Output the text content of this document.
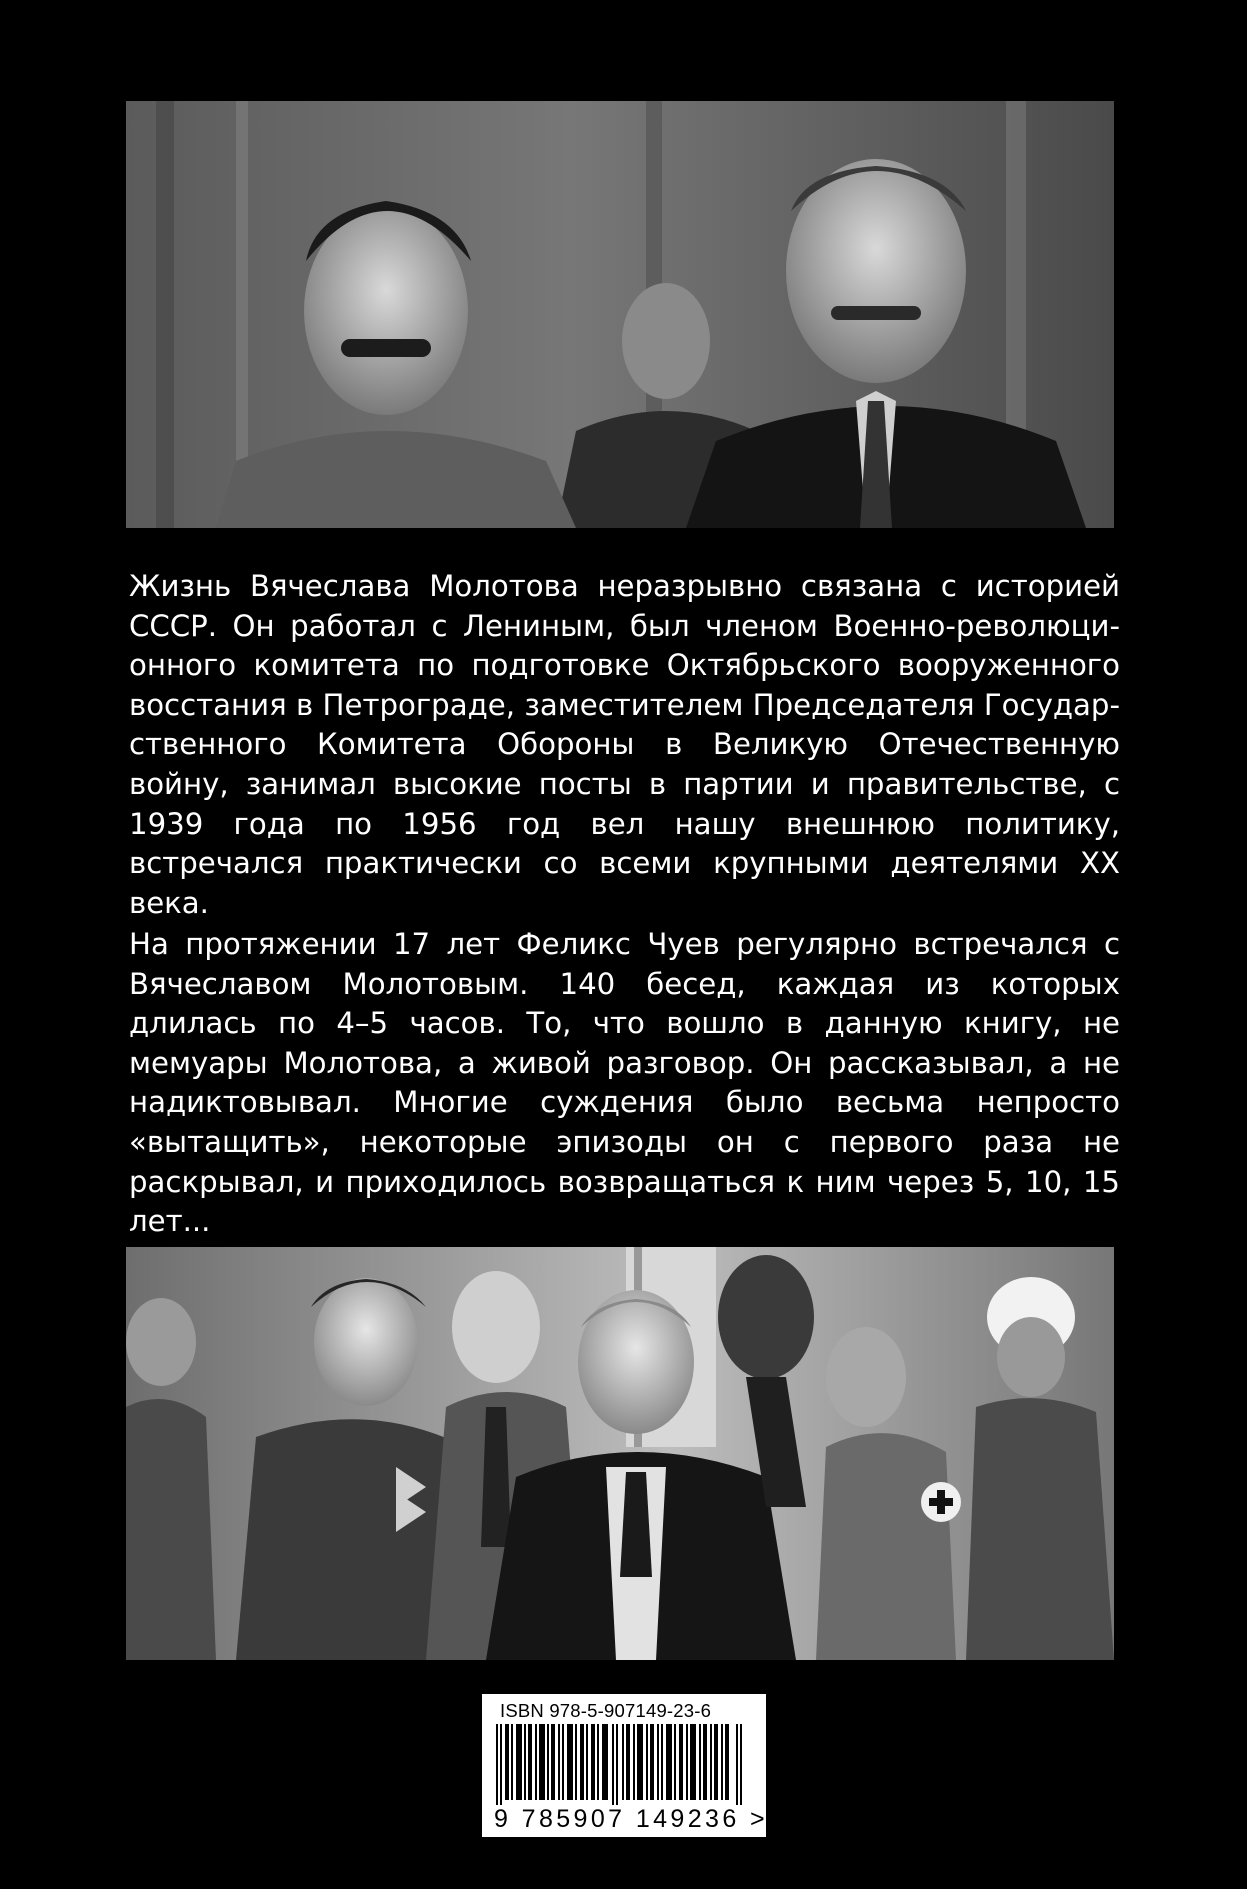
Жизнь Вячеслава Молотова неразрывно связана с историей СССР. Он работал с Лениным, был членом Военно-революционного комитета по подготовке Октябрьского вооруженного восстания в Петрограде, заместителем Председателя Государственного Комитета Обороны в Великую Отечественную войну, занимал высокие посты в партии и правительстве, с 1939 года по 1956 год вел нашу внешнюю политику, встречался практически со всеми крупными деятелями XX века.

На протяжении 17 лет Феликс Чуев регулярно встречался с Вячеславом Молотовым. 140 бесед, каждая из которых длилась по 4–5 часов. То, что вошло в данную книгу, не мемуары Молотова, а живой разговор. Он рассказывал, а не надиктовывал. Многие суждения было весьма непросто «вытащить», некоторые эпизоды он с первого раза не раскрывал, и приходилось возвращаться к ним через 5, 10, 15 лет...

ISBN 978-5-907149-23-6
9 785907 149236 >
